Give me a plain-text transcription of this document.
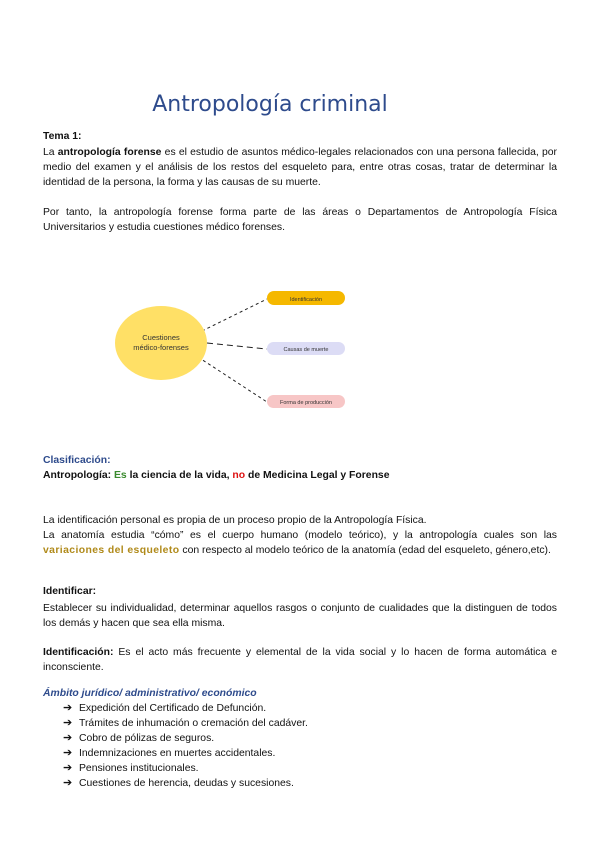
Antropología criminal
Tema 1:
La antropología forense es el estudio de asuntos médico-legales relacionados con una persona fallecida, por medio del examen y el análisis de los restos del esqueleto para, entre otras cosas, tratar de determinar la identidad de la persona, la forma y las causas de su muerte.
Por tanto, la antropología forense forma parte de las áreas o Departamentos de Antropología Física Universitarios y estudia cuestiones médico forenses.
Cuestiones
médico-forenses
Identificación
Causas de muerte
Forma de producción
Clasificación:
Antropología: Es la ciencia de la vida, no de Medicina Legal y Forense
La identificación personal es propia de un proceso propio de la Antropología Física.
La anatomía estudia “cómo” es el cuerpo humano (modelo teórico), y la antropología cuales son las variaciones del esqueleto con respecto al modelo teórico de la anatomía (edad del esqueleto, género,etc).
Identificar:
Establecer su individualidad, determinar aquellos rasgos o conjunto de cualidades que la distinguen de todos los demás y hacen que sea ella misma.
Identificación: Es el acto más frecuente y elemental de la vida social y lo hacen de forma automática e inconsciente.
Ámbito jurídico/ administrativo/ económico
➔ Expedición del Certificado de Defunción.
➔ Trámites de inhumación o cremación del cadáver.
➔ Cobro de pólizas de seguros.
➔ Indemnizaciones en muertes accidentales.
➔ Pensiones institucionales.
➔ Cuestiones de herencia, deudas y sucesiones.
